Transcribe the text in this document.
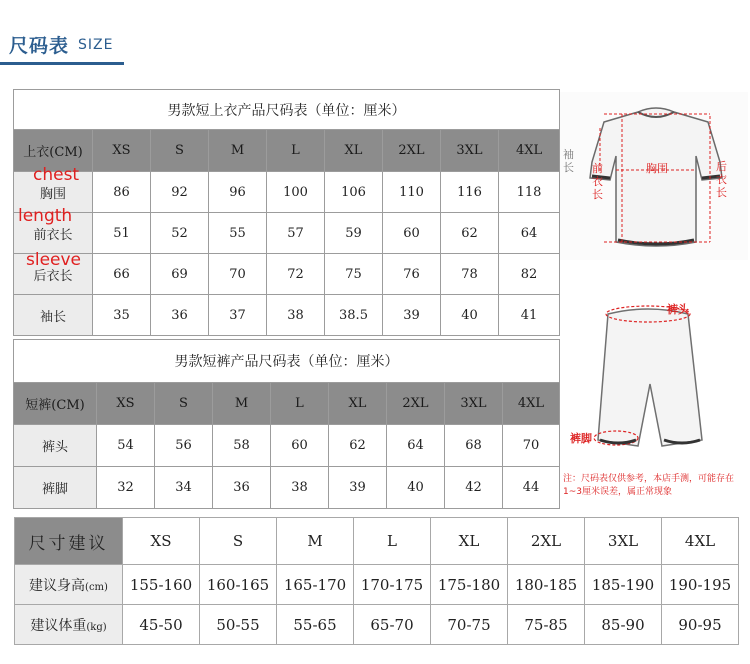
尺码表 SIZE
男款短上衣产品尺码表（单位：厘米）								
上衣(CM)	XS	S	M	L	XL	2XL	3XL	4XL
胸围	86	92	96	100	106	110	116	118
前衣长	51	52	55	57	59	60	62	64
后衣长	66	69	70	72	75	76	78	82
袖长	35	36	37	38	38.5	39	40	41
chest
length
sleeve
男款短裤产品尺码表（单位：厘米）								
短裤(CM)	XS	S	M	L	XL	2XL	3XL	4XL
裤头	54	56	58	60	62	64	68	70
裤脚	32	34	36	38	39	40	42	44
袖长 前衣长
胸围	后衣长
裤头
裤脚
注：尺码表仅供参考，本店手测，可能存在1~3厘米误差，属正常现象
尺寸建议	XS	S	M	L	XL	2XL	3XL	4XL
建议身高(cm)	155-160	160-165	165-170	170-175	175-180	180-185	185-190	190-195
建议体重(kg)	45-50	50-55	55-65	65-70	70-75	75-85	85-90	90-95
